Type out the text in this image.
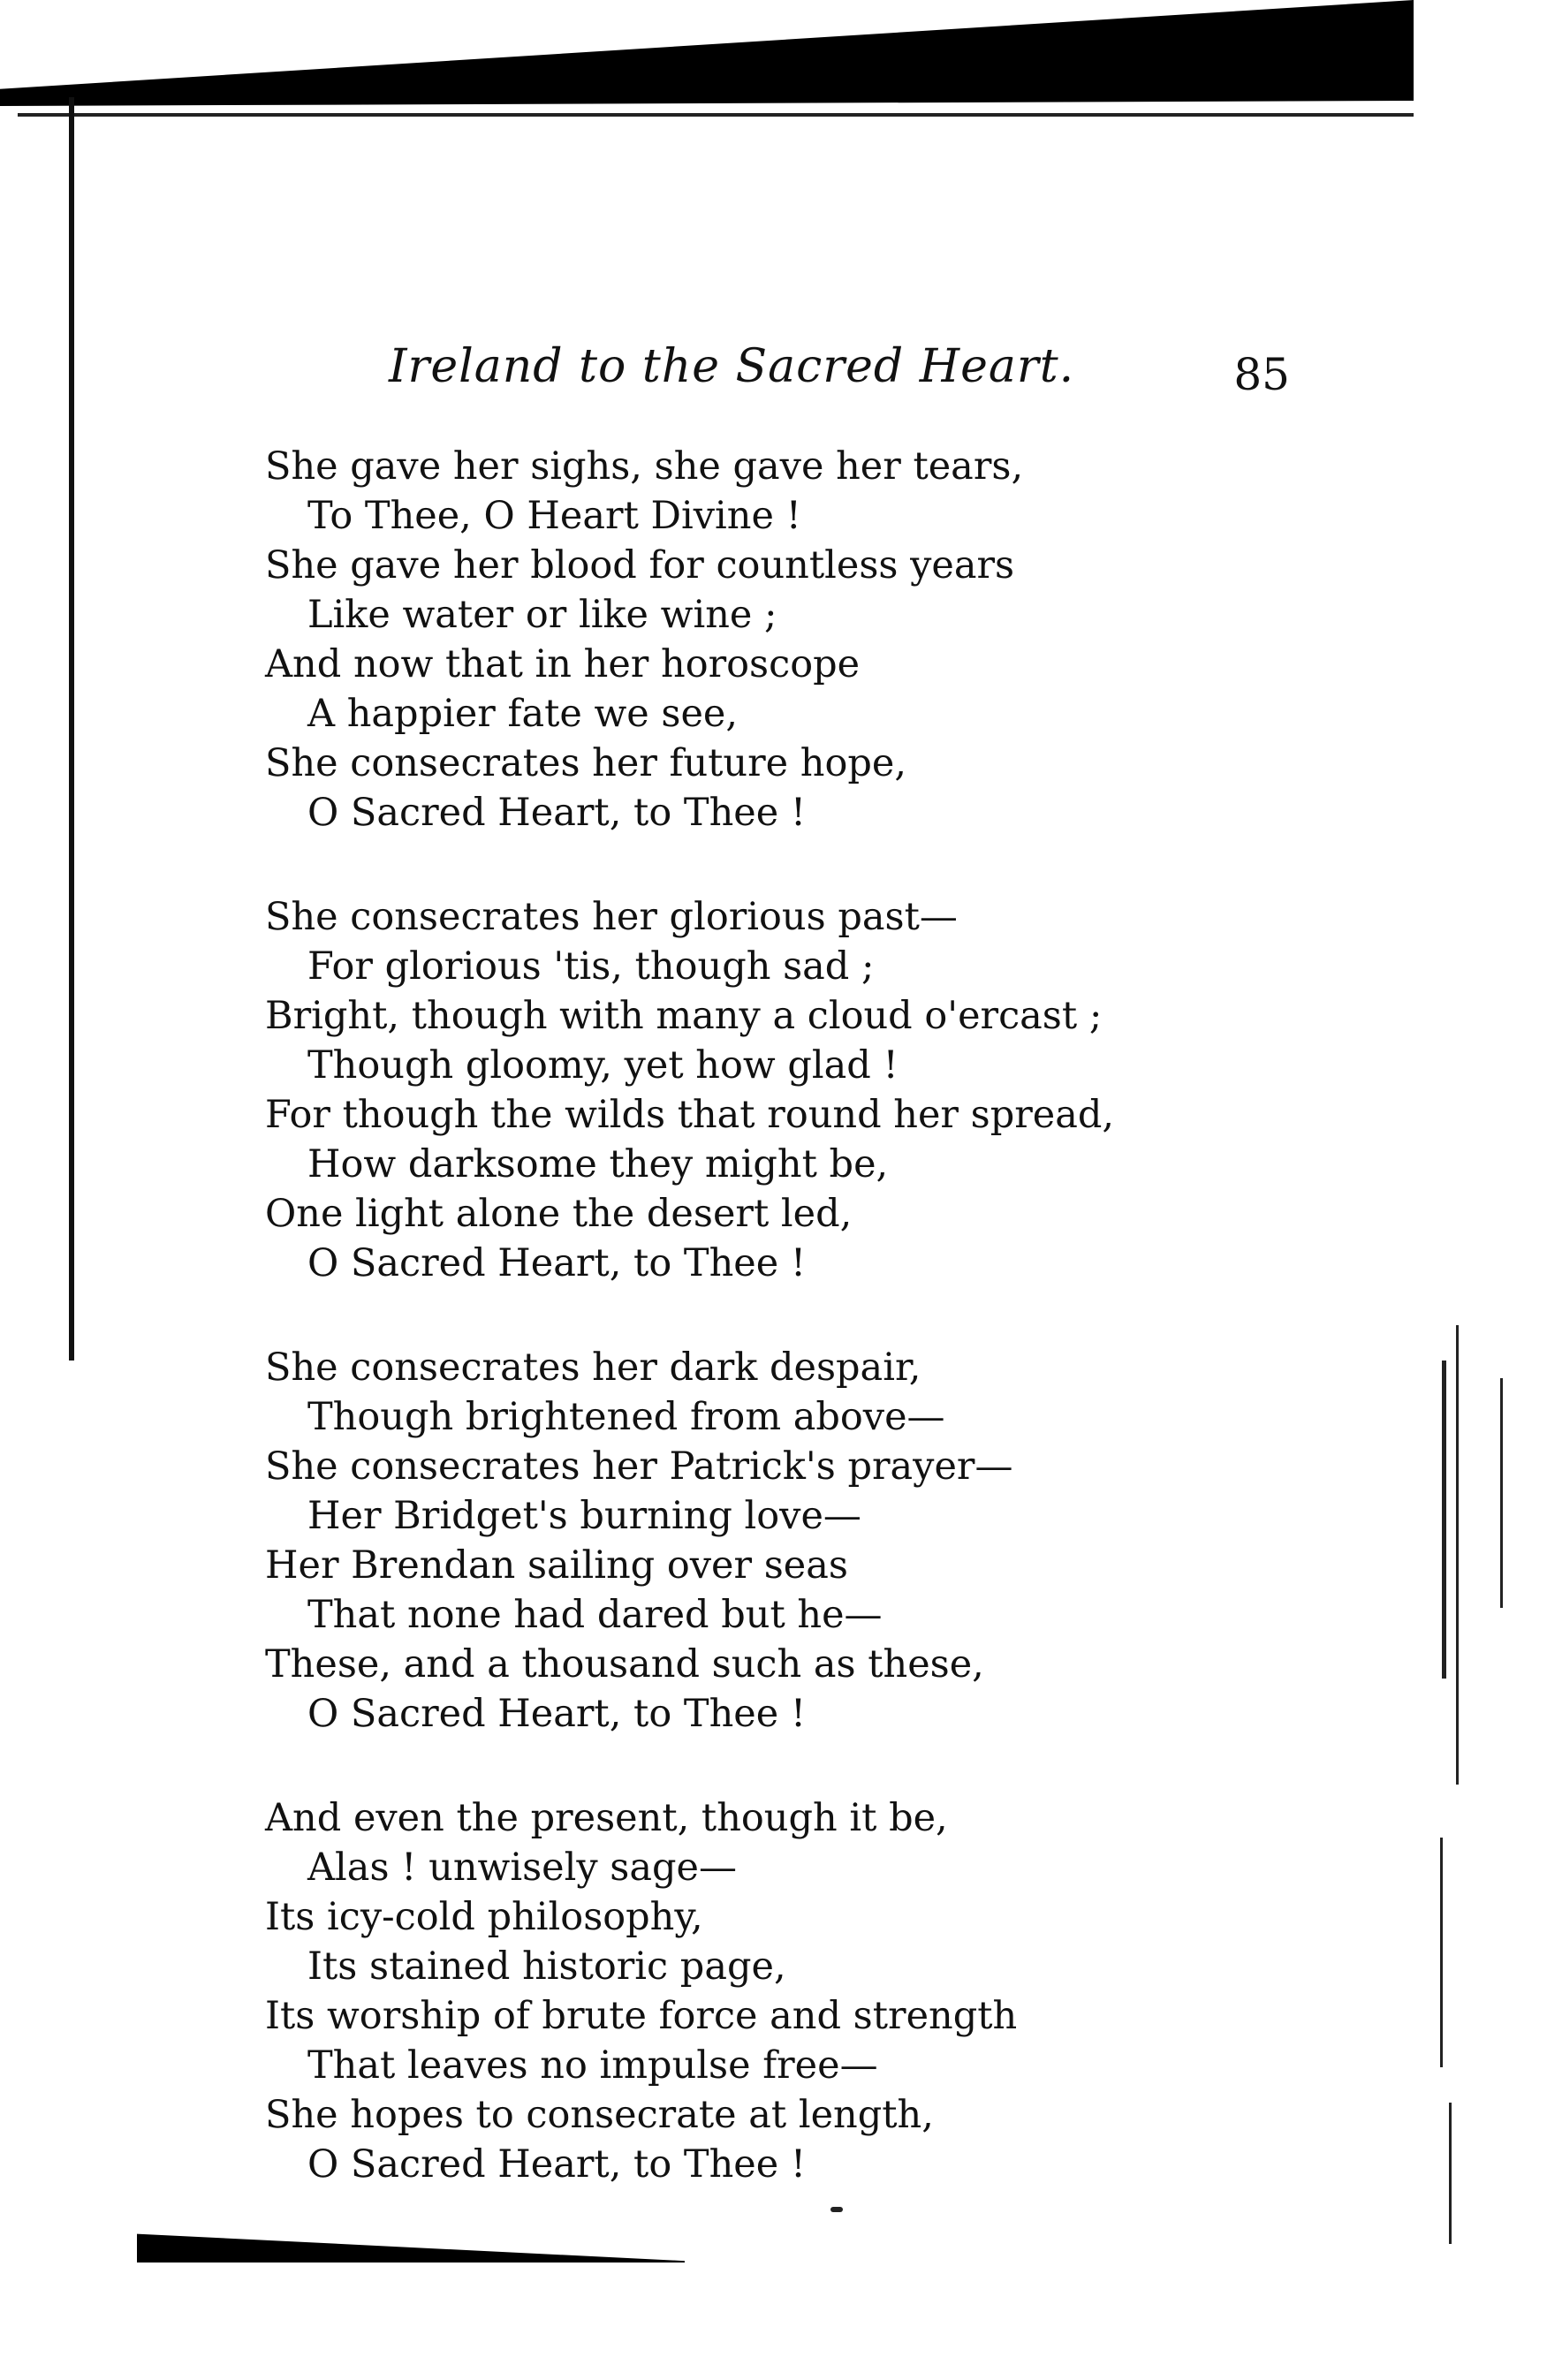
Ireland to the Sacred Heart.	85
She gave her sighs, she gave her tears,
To Thee, O Heart Divine !
She gave her blood for countless years
Like water or like wine ;
And now that in her horoscope
A happier fate we see,
She consecrates her future hope,
O Sacred Heart, to Thee !
She consecrates her glorious past—
For glorious 'tis, though sad ;
Bright, though with many a cloud o'ercast ;
Though gloomy, yet how glad !
For though the wilds that round her spread,
How darksome they might be,
One light alone the desert led,
O Sacred Heart, to Thee !
She consecrates her dark despair,
Though brightened from above—
She consecrates her Patrick's prayer—
Her Bridget's burning love—
Her Brendan sailing over seas
That none had dared but he—
These, and a thousand such as these,
O Sacred Heart, to Thee !
And even the present, though it be,
Alas ! unwisely sage—
Its icy-cold philosophy,
Its stained historic page,
Its worship of brute force and strength
That leaves no impulse free—
She hopes to consecrate at length,
O Sacred Heart, to Thee !
